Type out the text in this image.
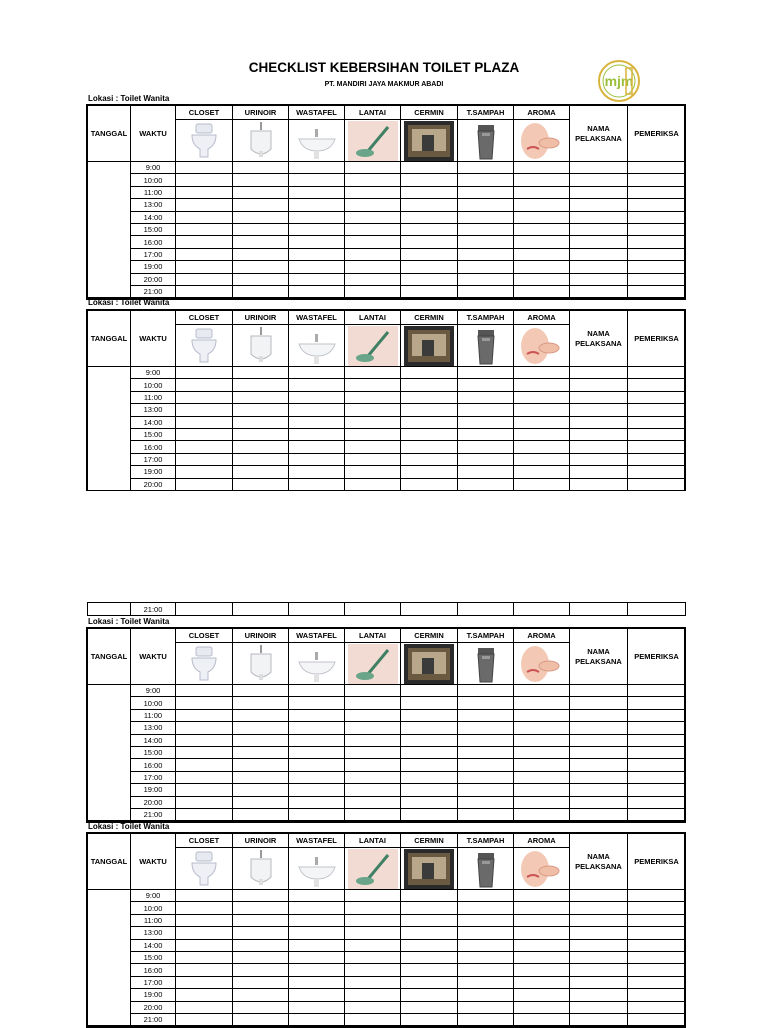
CHECKLIST KEBERSIHAN TOILET PLAZA
PT. MANDIRI JAYA MAKMUR ABADI	mjm
Lokasi : Toilet Wanita
TANGGAL	WAKTU	CLOSET	URINOIR	WASTAFEL	LANTAI	CERMIN	T.SAMPAH	AROMA	NAMA PELAKSANA	PEMERIKSA

	9:00									
	10:00									
	11:00									
	13:00									
	14:00									
	15:00									
	16:00									
	17:00									
	19:00									
	20:00									
	21:00									
Lokasi : Toilet Wanita
TANGGAL	WAKTU	CLOSET	URINOIR	WASTAFEL	LANTAI	CERMIN	T.SAMPAH	AROMA	NAMA PELAKSANA	PEMERIKSA

	9:00									
	10:00									
	11:00									
	13:00									
	14:00									
	15:00									
	16:00									
	17:00									
	19:00									
	20:00									
	21:00									
Lokasi : Toilet Wanita
TANGGAL	WAKTU	CLOSET	URINOIR	WASTAFEL	LANTAI	CERMIN	T.SAMPAH	AROMA	NAMA PELAKSANA	PEMERIKSA

	9:00									
	10:00									
	11:00									
	13:00									
	14:00									
	15:00									
	16:00									
	17:00									
	19:00									
	20:00									
	21:00									
Lokasi : Toilet Wanita
TANGGAL	WAKTU	CLOSET	URINOIR	WASTAFEL	LANTAI	CERMIN	T.SAMPAH	AROMA	NAMA PELAKSANA	PEMERIKSA

	9:00									
	10:00									
	11:00									
	13:00									
	14:00									
	15:00									
	16:00									
	17:00									
	19:00									
	20:00									
	21:00									
